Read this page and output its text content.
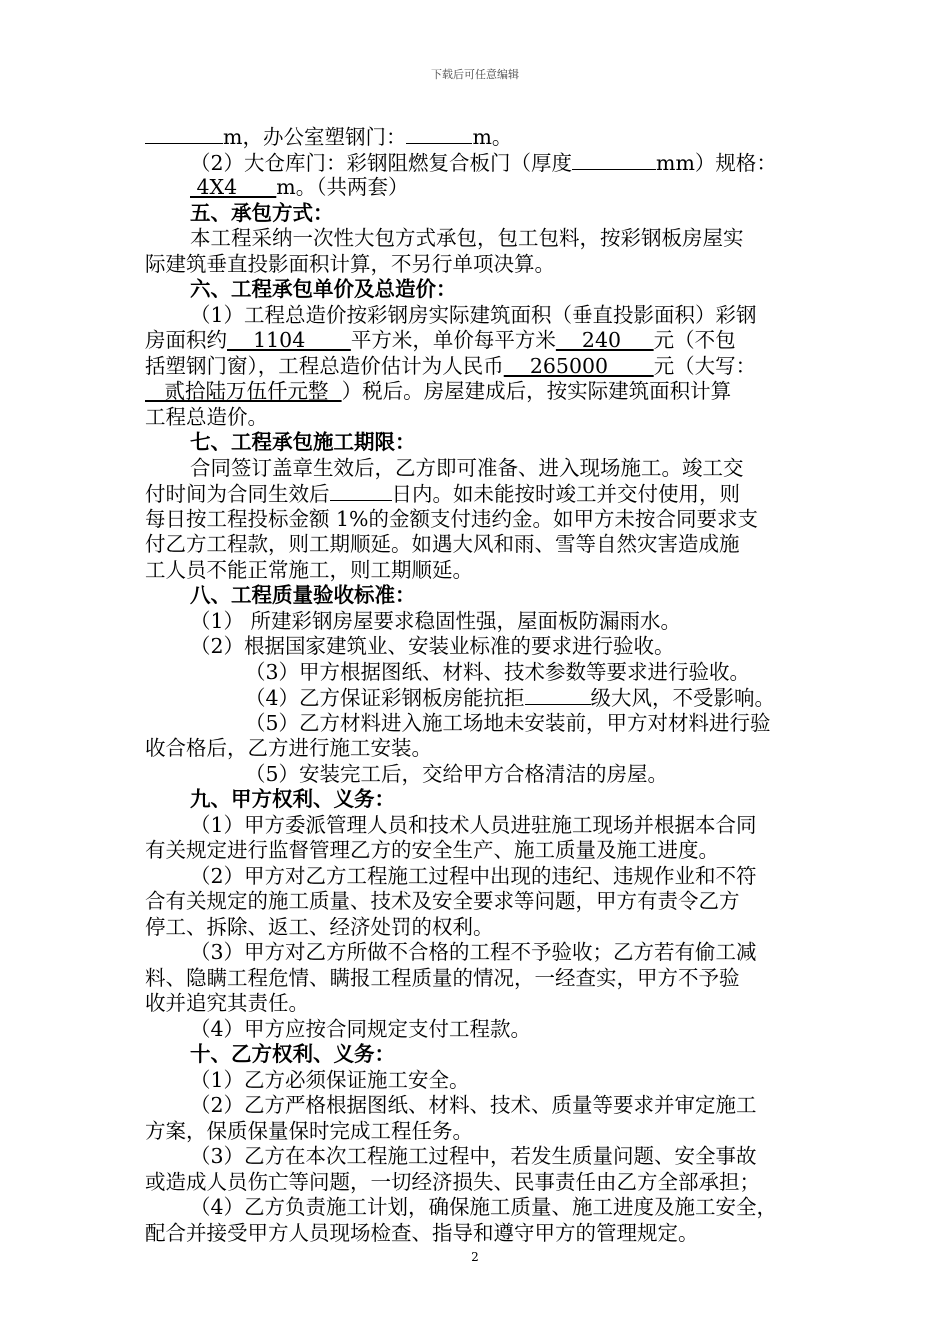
下载后可任意编辑
m，办公室塑钢门：	m。
（2）大仓库门：彩钢阻燃复合板门（厚度	mm）规格：
4X4      m。（共两套）
五、承包方式：
本工程采纳一次性大包方式承包，包工包料，按彩钢板房屋实
际建筑垂直投影面积计算，不另行单项决算。
六、工程承包单价及总造价：
（1）工程总造价按彩钢房实际建筑面积（垂直投影面积）彩钢
房面积约    1104       平方米，单价每平方米    240     元（不包
括塑钢门窗），工程总造价估计为人民币    265000       元（大写：
贰拾陆万伍仟元整  ）税后。房屋建成后，按实际建筑面积计算
工程总造价。
七、工程承包施工期限：
合同签订盖章生效后，乙方即可准备、进入现场施工。竣工交
付时间为合同生效后	日内。如未能按时竣工并交付使用，则
每日按工程投标金额 1%的金额支付违约金。如甲方未按合同要求支
付乙方工程款，则工期顺延。如遇大风和雨、雪等自然灾害造成施
工人员不能正常施工，则工期顺延。
八、工程质量验收标准：
（1） 所建彩钢房屋要求稳固性强，屋面板防漏雨水。
（2）根据国家建筑业、安装业标准的要求进行验收。
（3）甲方根据图纸、材料、技术参数等要求进行验收。
（4）乙方保证彩钢板房能抗拒	级大风，不受影响。
（5）乙方材料进入施工场地未安装前，甲方对材料进行验
收合格后，乙方进行施工安装。
（5）安装完工后，交给甲方合格清洁的房屋。
九、甲方权利、义务：
（1）甲方委派管理人员和技术人员进驻施工现场并根据本合同
有关规定进行监督管理乙方的安全生产、施工质量及施工进度。
（2）甲方对乙方工程施工过程中出现的违纪、违规作业和不符
合有关规定的施工质量、技术及安全要求等问题，甲方有责令乙方
停工、拆除、返工、经济处罚的权利。
（3）甲方对乙方所做不合格的工程不予验收；乙方若有偷工减
料、隐瞒工程危情、瞒报工程质量的情况，一经查实，甲方不予验
收并追究其责任。
（4）甲方应按合同规定支付工程款。
十、乙方权利、义务：
（1）乙方必须保证施工安全。
（2）乙方严格根据图纸、材料、技术、质量等要求并审定施工
方案，保质保量保时完成工程任务。
（3）乙方在本次工程施工过程中，若发生质量问题、安全事故
或造成人员伤亡等问题，一切经济损失、民事责任由乙方全部承担；
（4）乙方负责施工计划，确保施工质量、施工进度及施工安全，
配合并接受甲方人员现场检查、指导和遵守甲方的管理规定。
2
